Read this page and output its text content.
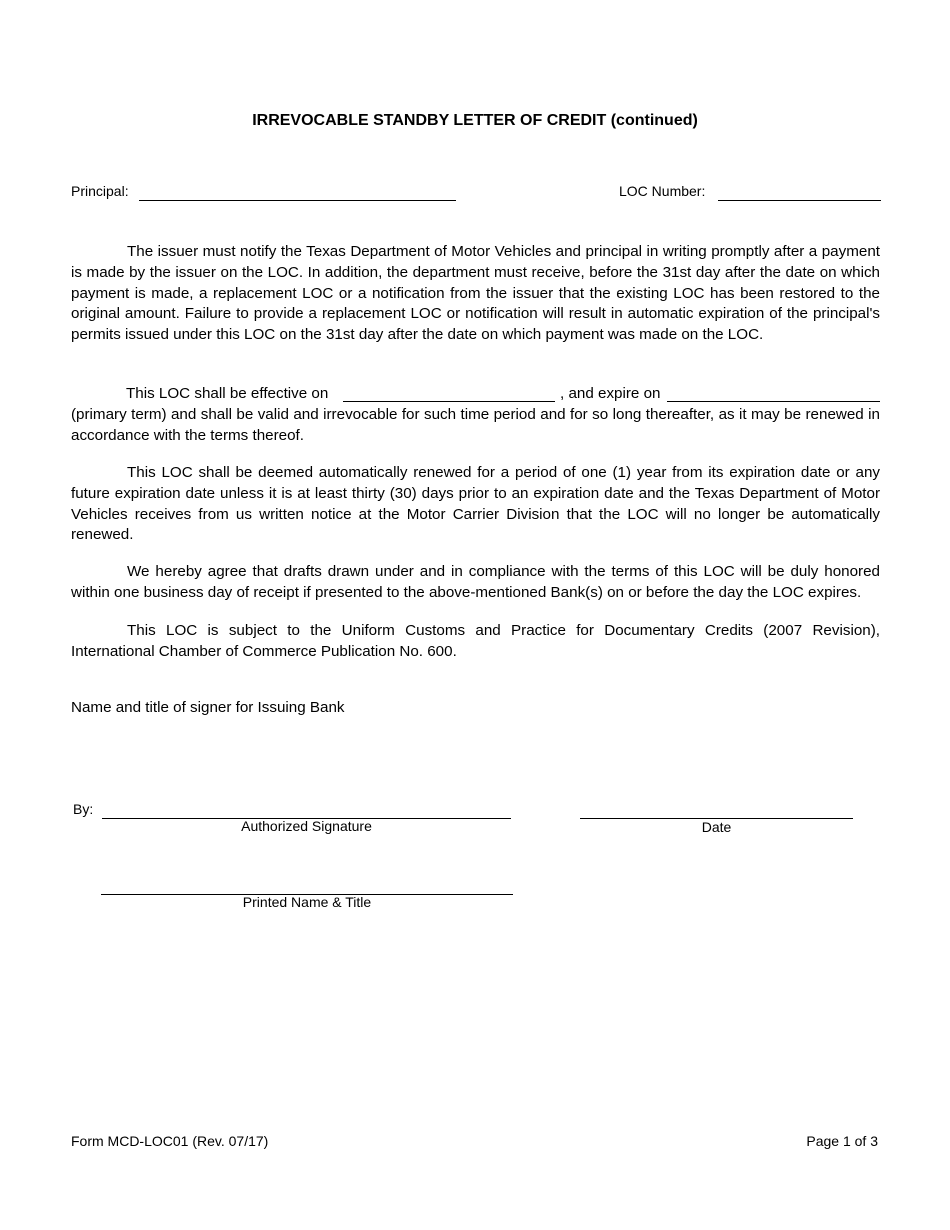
IRREVOCABLE STANDBY LETTER OF CREDIT (continued)
Principal:	LOC Number:

The issuer must notify the Texas Department of Motor Vehicles and principal in writing promptly after a payment is made by the issuer on the LOC. In addition, the department must receive, before the 31st day after the date on which payment is made, a replacement LOC or a notification from the issuer that the existing LOC has been restored to the original amount. Failure to provide a replacement LOC or notification will result in automatic expiration of the principal's permits issued under this LOC on the 31st day after the date on which payment was made on the LOC.

This LOC shall be effective on	, and expire on

(primary term) and shall be valid and irrevocable for such time period and for so long thereafter, as it may be renewed in accordance with the terms thereof.

This LOC shall be deemed automatically renewed for a period of one (1) year from its expiration date or any future expiration date unless it is at least thirty (30) days prior to an expiration date and the Texas Department of Motor Vehicles receives from us written notice at the Motor Carrier Division that the LOC will no longer be automatically renewed.

We hereby agree that drafts drawn under and in compliance with the terms of this LOC will be duly honored within one business day of receipt if presented to the above-mentioned Bank(s) on or before the day the LOC expires.

This LOC is subject to the Uniform Customs and Practice for Documentary Credits (2007 Revision), International Chamber of Commerce Publication No. 600.

Name and title of signer for Issuing Bank
By:
Authorized Signature	Date
Printed Name & Title
Form MCD-LOC01 (Rev. 07/17)	Page 1 of 3
